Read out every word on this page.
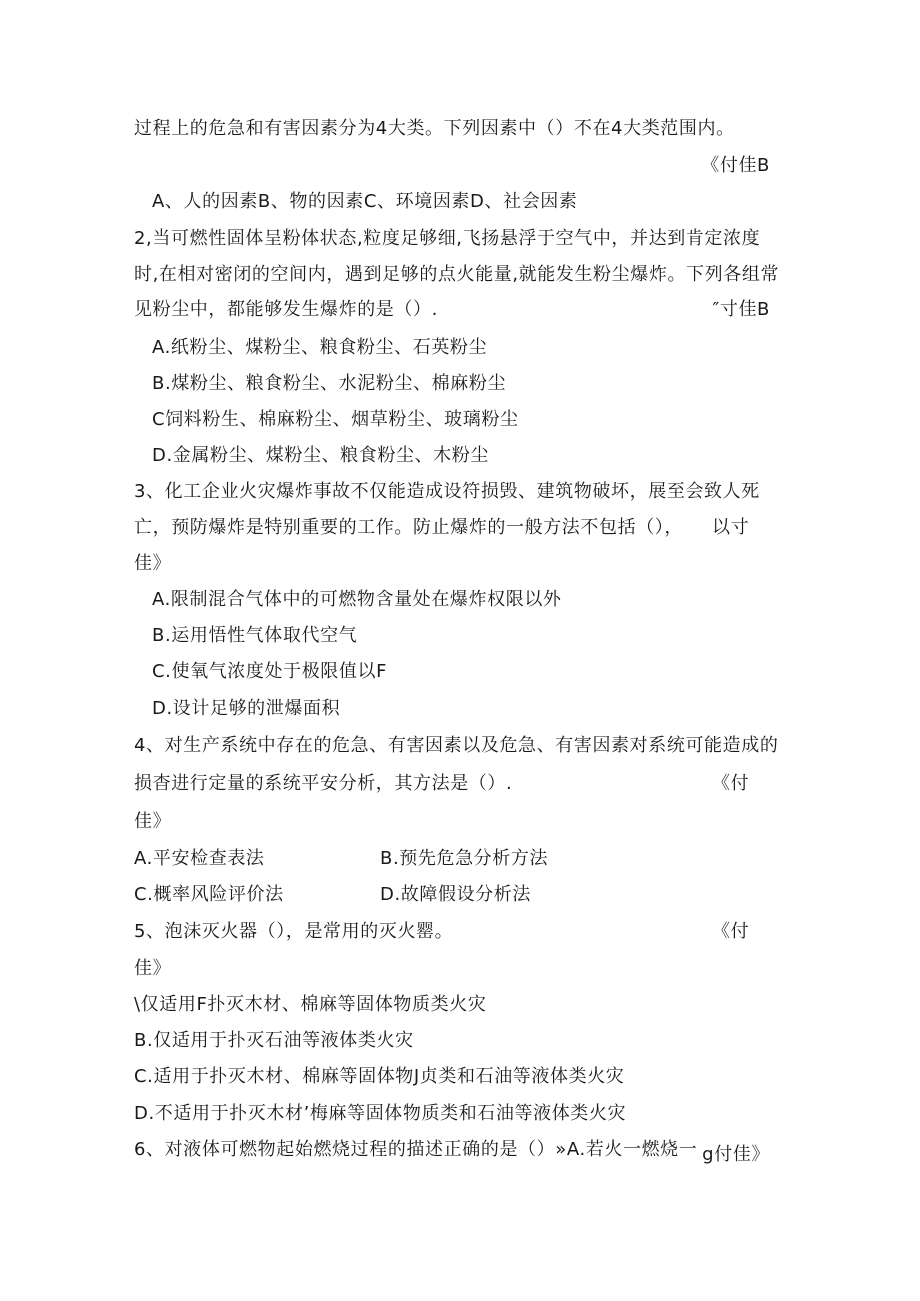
过程上的危急和有害因素分为4大类。下列因素中（）不在4大类范围内。
《付佳B
A、人的因素B、物的因素C、环境因素D、社会因素
2,当可燃性固体呈粉体状态,粒度足够细,飞扬悬浮于空气中，并达到肯定浓度
时,在相对密闭的空间内，遇到足够的点火能量,就能发生粉尘爆炸。下列各组常
见粉尘中，都能够发生爆炸的是（）.	″寸佳B
A.纸粉尘、煤粉尘、粮食粉尘、石英粉尘
B.煤粉尘、粮食粉尘、水泥粉尘、棉麻粉尘
C饲料粉生、棉麻粉尘、烟草粉尘、玻璃粉尘
D.金属粉尘、煤粉尘、粮食粉尘、木粉尘
3、化工企业火灾爆炸事故不仅能造成设符损毁、建筑物破坏，展至会致人死
亡，预防爆炸是特别重要的工作。防止爆炸的一般方法不包括（）， 以寸
佳》
A.限制混合气体中的可燃物含量处在爆炸权限以外
B.运用悟性气体取代空气
C.使氧气浓度处于极限值以F
D.设计足够的泄爆面积
4、对生产系统中存在的危急、有害因素以及危急、有害因素对系统可能造成的
损杳进行定量的系统平安分析，其方法是（）.	《付
佳》
A.平安检查表法	B.预先危急分析方法
C.概率风险评价法	D.故障假设分析法
5、泡沫灭火器（），是常用的灭火罂。	《付
佳》
\仅适用F扑灭木材、棉麻等固体物质类火灾
B.仅适用于扑灭石油等液体类火灾
C.适用于扑灭木材、棉麻等固体物J贞类和石油等液体类火灾
D.不适用于扑灭木材’梅麻等固体物质类和石油等液体类火灾
6、对液体可燃物起始燃烧过程的描述正确的是（）»A.若火一燃烧一 g付佳》
